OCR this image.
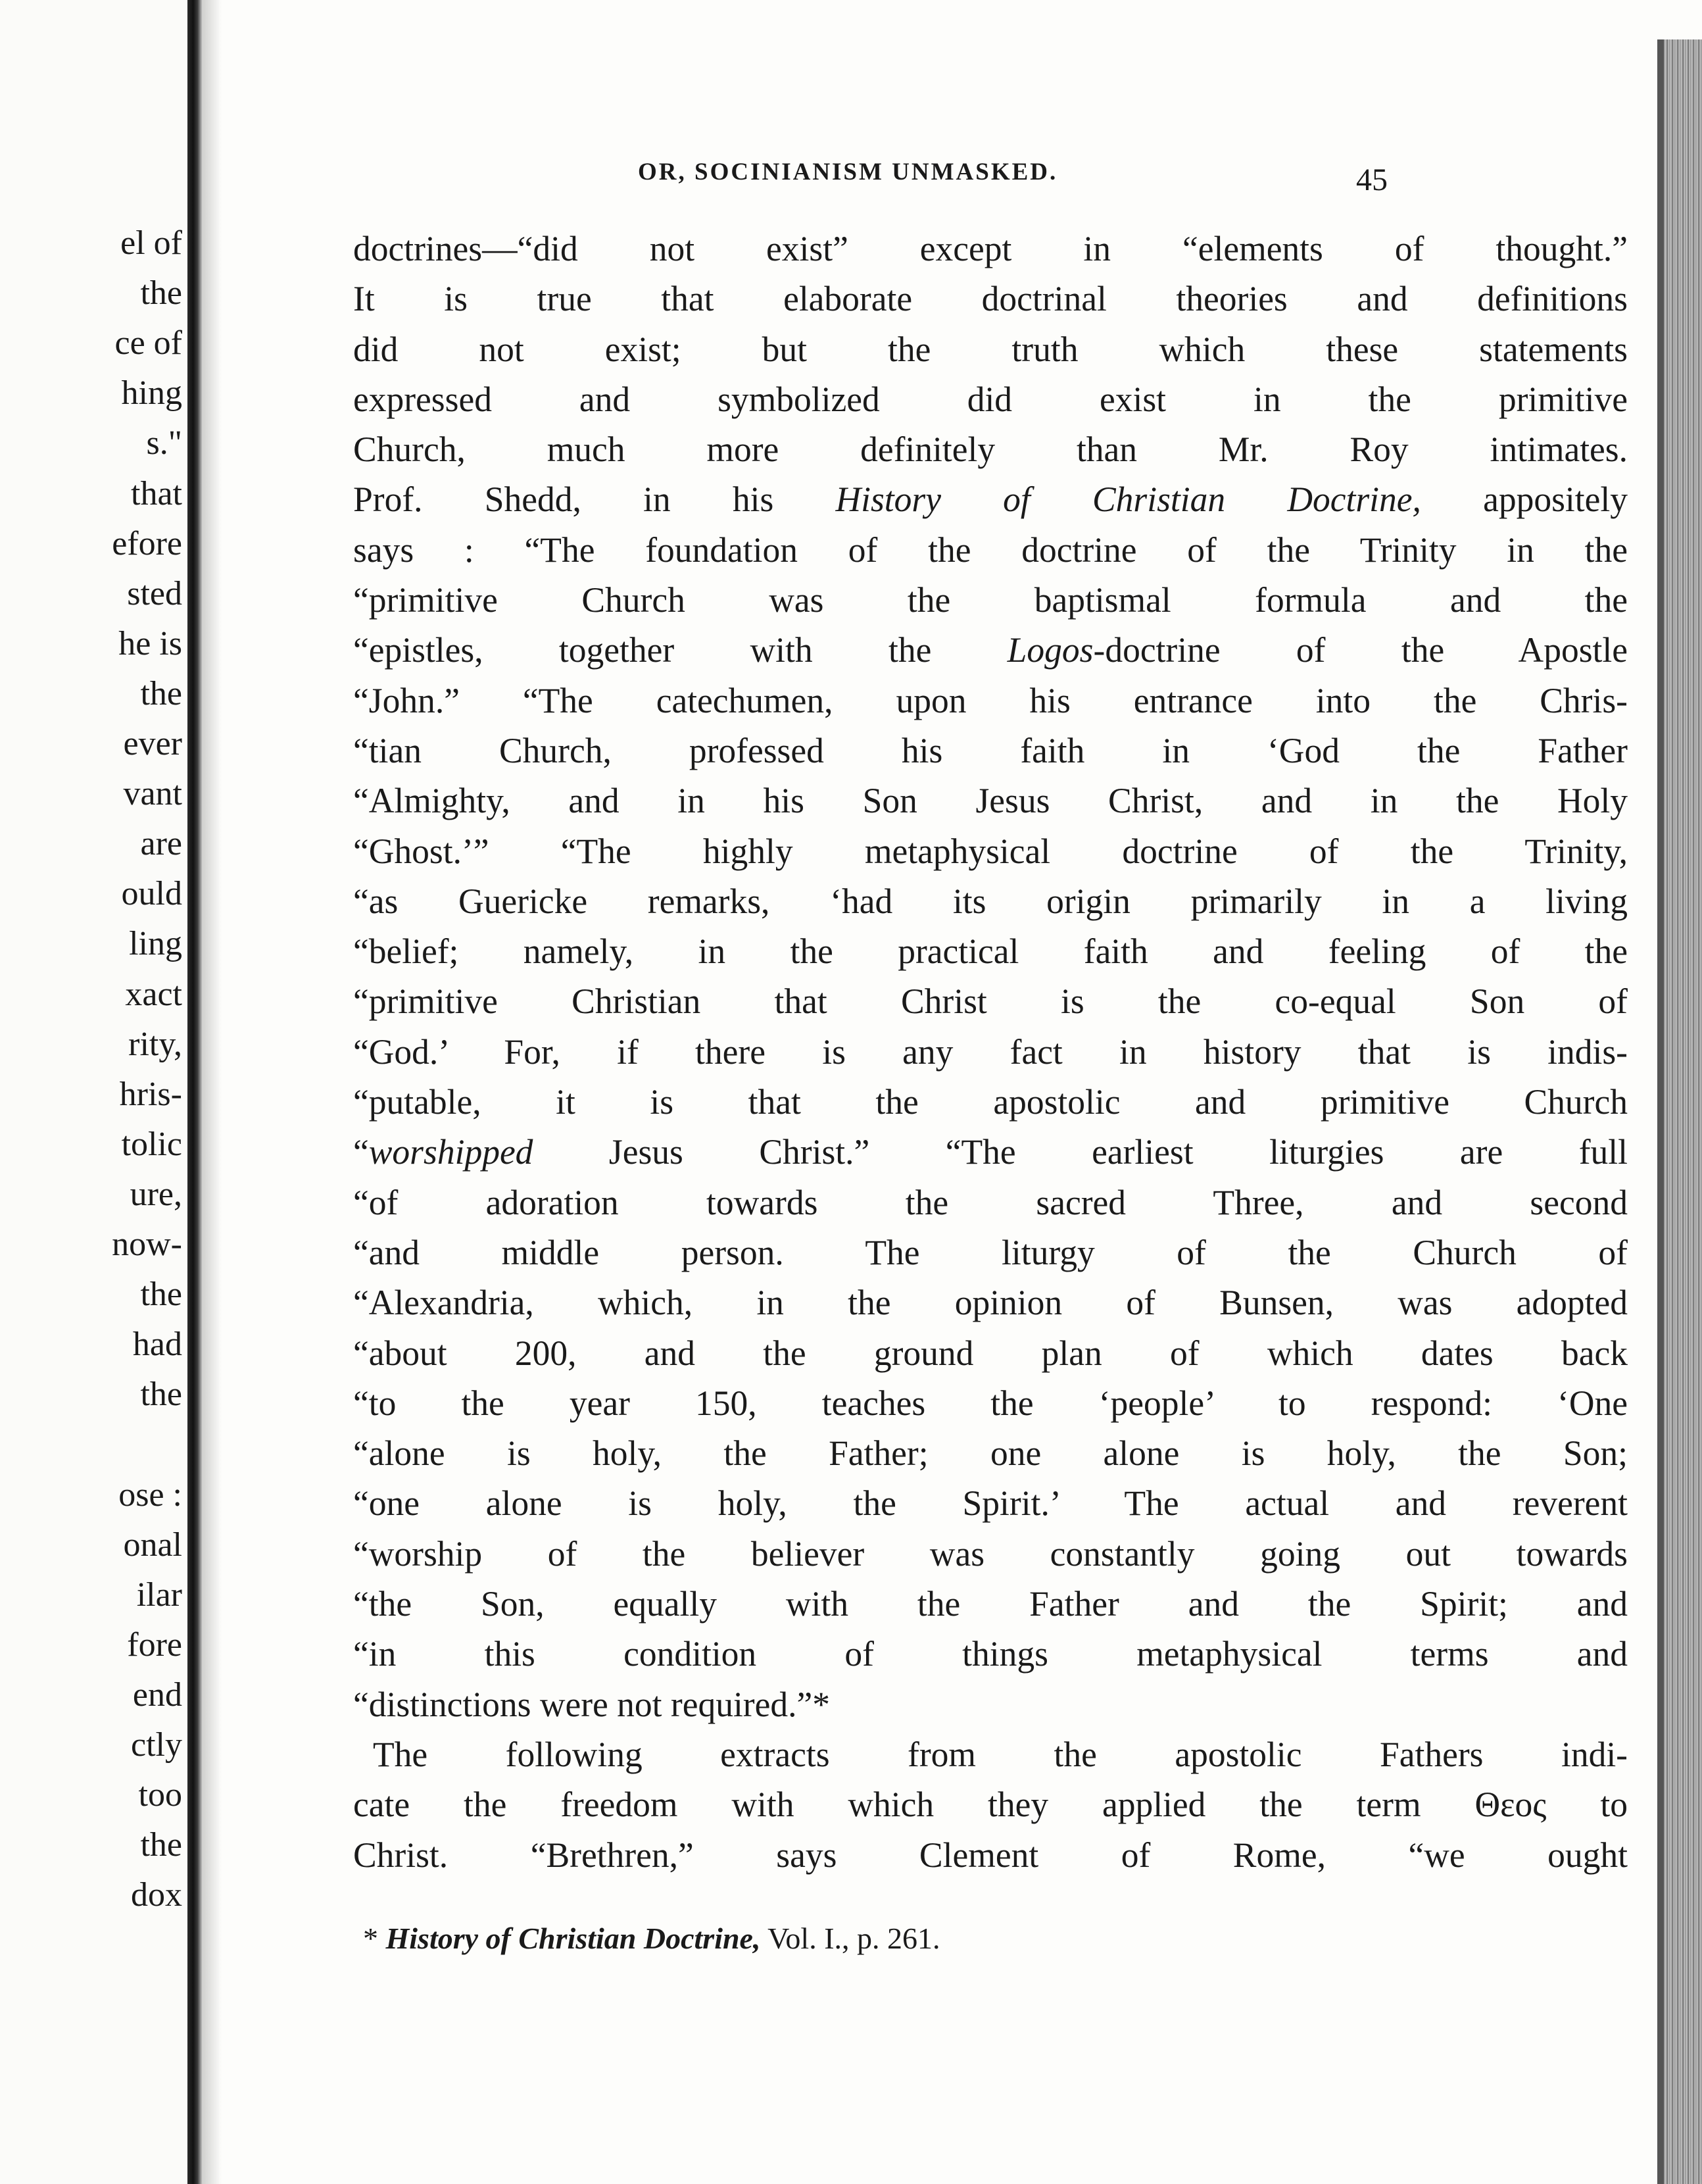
el of
the
ce of
hing
s."
that
efore
sted
he is
the
ever
vant
are
ould
ling
xact
rity,
hris-
tolic
ure,
now-
the
had
the
ose :
onal
ilar
fore
end
ctly
too
the
dox
OR, SOCINIANISM UNMASKED.	45
doctrines—“did not exist” except in “elements of thought.”
It is true that elaborate doctrinal theories and definitions
did not exist; but the truth which these statements
expressed and symbolized did exist in the primitive
Church, much more definitely than Mr. Roy intimates.
Prof. Shedd, in his History of Christian Doctrine, appositely
says : “The foundation of the doctrine of the Trinity in the
“primitive Church was the baptismal formula and the
“epistles, together with the Logos-doctrine of the Apostle
“John.” “The catechumen, upon his entrance into the Chris-
“tian Church, professed his faith in ‘God the Father
“Almighty, and in his Son Jesus Christ, and in the Holy
“Ghost.’” “The highly metaphysical doctrine of the Trinity,
“as Guericke remarks, ‘had its origin primarily in a living
“belief; namely, in the practical faith and feeling of the
“primitive Christian that Christ is the co-equal Son of
“God.’ For, if there is any fact in history that is indis-
“putable, it is that the apostolic and primitive Church
“worshipped Jesus Christ.” “The earliest liturgies are full
“of adoration towards the sacred Three, and second
“and middle person. The liturgy of the Church of
“Alexandria, which, in the opinion of Bunsen, was adopted
“about 200, and the ground plan of which dates back
“to the year 150, teaches the ‘people’ to respond: ‘One
“alone is holy, the Father; one alone is holy, the Son;
“one alone is holy, the Spirit.’ The actual and reverent
“worship of the believer was constantly going out towards
“the Son, equally with the Father and the Spirit; and
“in this condition of things metaphysical terms and
“distinctions were not required.”*
The following extracts from the apostolic Fathers indi-
cate the freedom with which they applied the term Θεος to
Christ. “Brethren,” says Clement of Rome, “we ought
* History of Christian Doctrine, Vol. I., p. 261.
